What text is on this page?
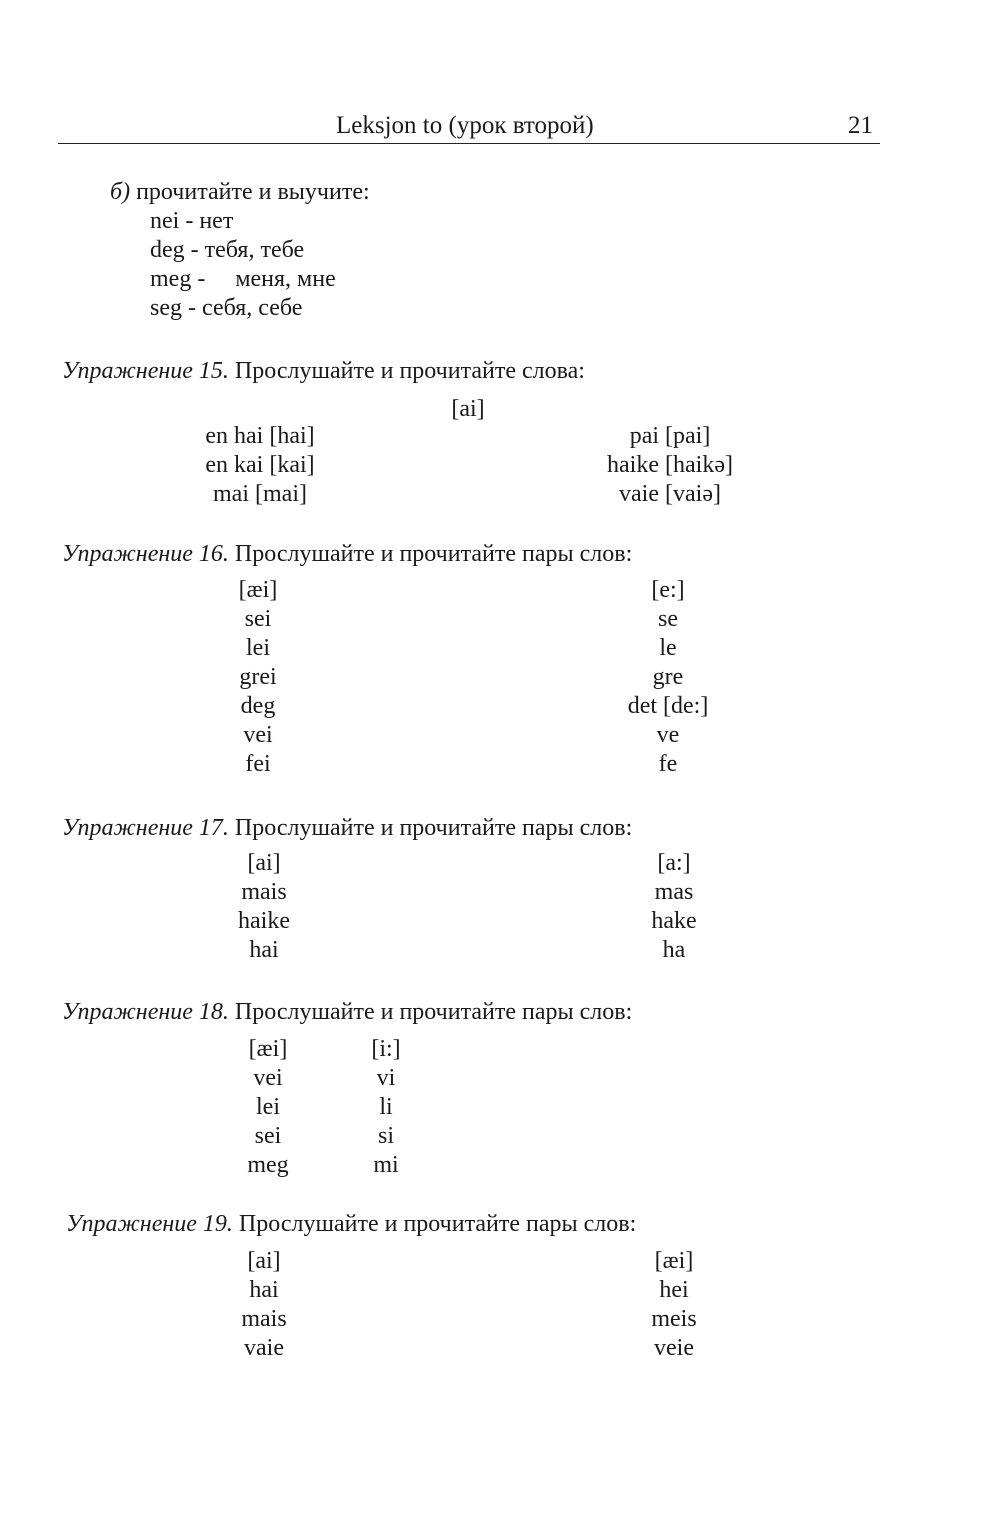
Leksjon to (урок второй)	21
б) прочитайте и выучите:
nei - нет
deg - тебя, тебе
meg -     меня, мне
seg - себя, себе
Упражнение 15. Прослушайте и прочитайте слова:
[ai]
en hai [hai]
en kai [kai]
mai [mai]
pai [pai]
haike [haikə]
vaie [vaiə]
Упражнение 16. Прослушайте и прочитайте пары слов:
[æi]
sei
lei
grei
deg
vei
fei
[e:]
se
le
gre
det [de:]
ve
fe
Упражнение 17. Прослушайте и прочитайте пары слов:
[ai]
mais
haike
hai
[a:]
mas
hake
ha
Упражнение 18. Прослушайте и прочитайте пары слов:
[æi]
vei
lei
sei
meg
[i:]
vi
li
si
mi
Упражнение 19. Прослушайте и прочитайте пары слов:
[ai]
hai
mais
vaie
[æi]
hei
meis
veie
